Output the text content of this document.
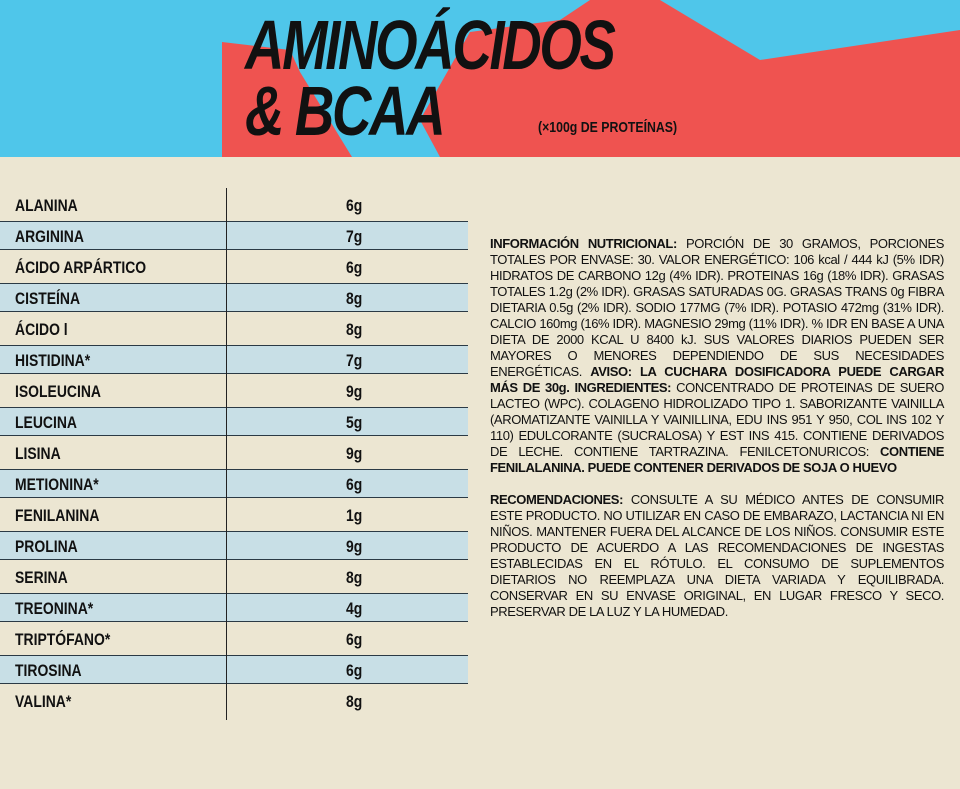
AMINOÁCIDOS
& BCAA	(×100g DE PROTEÍNAS)
ALANINA	6g
ARGININA	7g
ÁCIDO ARPÁRTICO	6g
CISTEÍNA	8g
ÁCIDO l	8g
HISTIDINA*	7g
ISOLEUCINA	9g
LEUCINA	5g
LISINA	9g
METIONINA*	6g
FENILANINA	1g
PROLINA	9g
SERINA	8g
TREONINA*	4g
TRIPTÓFANO*	6g
TIROSINA	6g
VALINA*	8g

INFORMACIÓN NUTRICIONAL: PORCIÓN DE 30 GRAMOS, PORCIONES TOTALES POR ENVASE: 30. VALOR ENERGÉTICO: 106 kcal / 444 kJ (5% IDR) HIDRATOS DE CARBONO 12g (4% IDR). PROTEINAS 16g (18% IDR). GRASAS TOTALES 1.2g (2% IDR). GRASAS SATURADAS 0G. GRASAS TRANS 0g FIBRA DIETARIA 0.5g (2% IDR). SODIO 177MG (7% IDR). POTASIO 472mg (31% IDR). CALCIO 160mg (16% IDR). MAGNESIO 29mg (11% IDR). % IDR EN BASE A UNA DIETA DE 2000 KCAL U 8400 kJ. SUS VALORES DIARIOS PUEDEN SER MAYORES O MENORES DEPENDIENDO DE SUS NECESIDADES ENERGÉTICAS. AVISO: LA CUCHARA DOSIFICADORA PUEDE CARGAR MÁS DE 30g. INGREDIENTES: CONCENTRADO DE PROTEINAS DE SUERO LACTEO (WPC). COLAGENO HIDROLIZADO TIPO 1. SABORIZANTE VAINILLA (AROMATIZANTE VAINILLA Y VAINILLINA, EDU INS 951 Y 950, COL INS 102 Y 110) EDULCORANTE (SUCRALOSA) Y EST INS 415. CONTIENE DERIVADOS DE LECHE. CONTIENE TARTRAZINA. FENILCETONURICOS: CONTIENE FENILALANINA. PUEDE CONTENER DERIVADOS DE SOJA O HUEVO

RECOMENDACIONES: CONSULTE A SU MÉDICO ANTES DE CONSUMIR ESTE PRODUCTO. NO UTILIZAR EN CASO DE EMBARAZO, LACTANCIA NI EN NIÑOS. MANTENER FUERA DEL ALCANCE DE LOS NIÑOS. CONSUMIR ESTE PRODUCTO DE ACUERDO A LAS RECOMENDACIONES DE INGESTAS ESTABLECIDAS EN EL RÓTULO. EL CONSUMO DE SUPLEMENTOS DIETARIOS NO REEMPLAZA UNA DIETA VARIADA Y EQUILIBRADA. CONSERVAR EN SU ENVASE ORIGINAL, EN LUGAR FRESCO Y SECO. PRESERVAR DE LA LUZ Y LA HUMEDAD.
